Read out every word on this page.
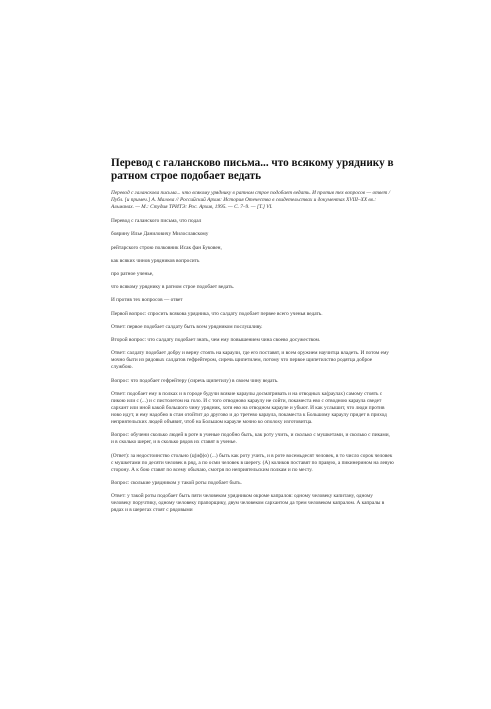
Перевод с галансково письма... что всякому уряднику в ратном строе подобает ведать

Перевод с галанскова письма... что всякому уряднику в ратном строе подобает ведать. И против тех вопросов — ответ / Публ. [и примеч.] А. Малова // Российский Архив: История Отечества в свидетельствах и документах XVIII–XX вв.: Альманах. — М.: Студия ТРИТЭ: Рос. Архив, 1995. — С. 7–9. — [Т.] VI.

Перевод с галанского письма, что подал

боярину Илье Даниловичу Милославскому

рейтарского строю полковник Исак фан Буковен,

как всяких чинов урядников вопросить

про ратное ученье,

что всякому уряднику в ратном строе подобает ведать.

И против тех вопросов — ответ

Первой вопрос: спросить всякова урядника, что салдату подобает первее всего ученья ведать.

Ответ: первое подобает салдату быть всем урядником послушливу.

Второй вопрос: что салдату подобает знать, чем ему повышением чина своево досужеством.

Ответ: салдату подобает добру и верну стоять на караули, где его поставят, и всем оружием научитца владеть. И потом ему мочно быти из рядовых салдатов гефрейтером, сиречь щипетилем, потому что первое щипетилство родятца доброе службою.

Вопрос: что подобает гефрейтеру (сиречь щипетилу) в своем чину ведать.

Ответ: подобает ему в полках и в городе будучи всякие караулы досматривать и на отводных ка(раулах) самому стоять с пикою или с (...) и с пистолетом на голо. И с того отводново караулу не сойти, покаместа ево с отводною караула сведет сархант или иной какой большого чину урядник, хотя ево на отводном карауле и убьют. И как услышит, что люди против ново идут, и ему надобно в стан отойтит до другово и до третево караула, покаместа к Большому караулу придет в приход неприятельских людей объявит, чтоб на Большом карауле мочно ко ополоху изготовитца.

Вопрос: обучени сколько людей в роте в ученые подобно быть, как роту учить, и сколько с мушкетами, и сколько с пиками, и в сколько шерег, и в сколько рядов их ставят в ученье.

(Ответ): за недостоинство стольно (ц(иф)о) (...) быть как роту учить, и в роте восемьдесят человек, в то число сорок человек с мушкетами по десяти человек в ряд, а по осми человек в шерегу. (А) коликов поставят по правую, а пикинерином на левую сторону. А к бою ставят по всему обычаю, смотря по неприятельским полкам и по месту.

Вопрос: сколькие урядником у такой роты подобает быть.

Ответ: у такой роты подобает быть пяти человеком урядником окроме капралов: одному человеку капитану, одному человеку поручтику, одному человеку прапорщику, двум человеком сархантом да трем человеком капралом. А капралы в рядах и в шерегах стоят с рядовыми
